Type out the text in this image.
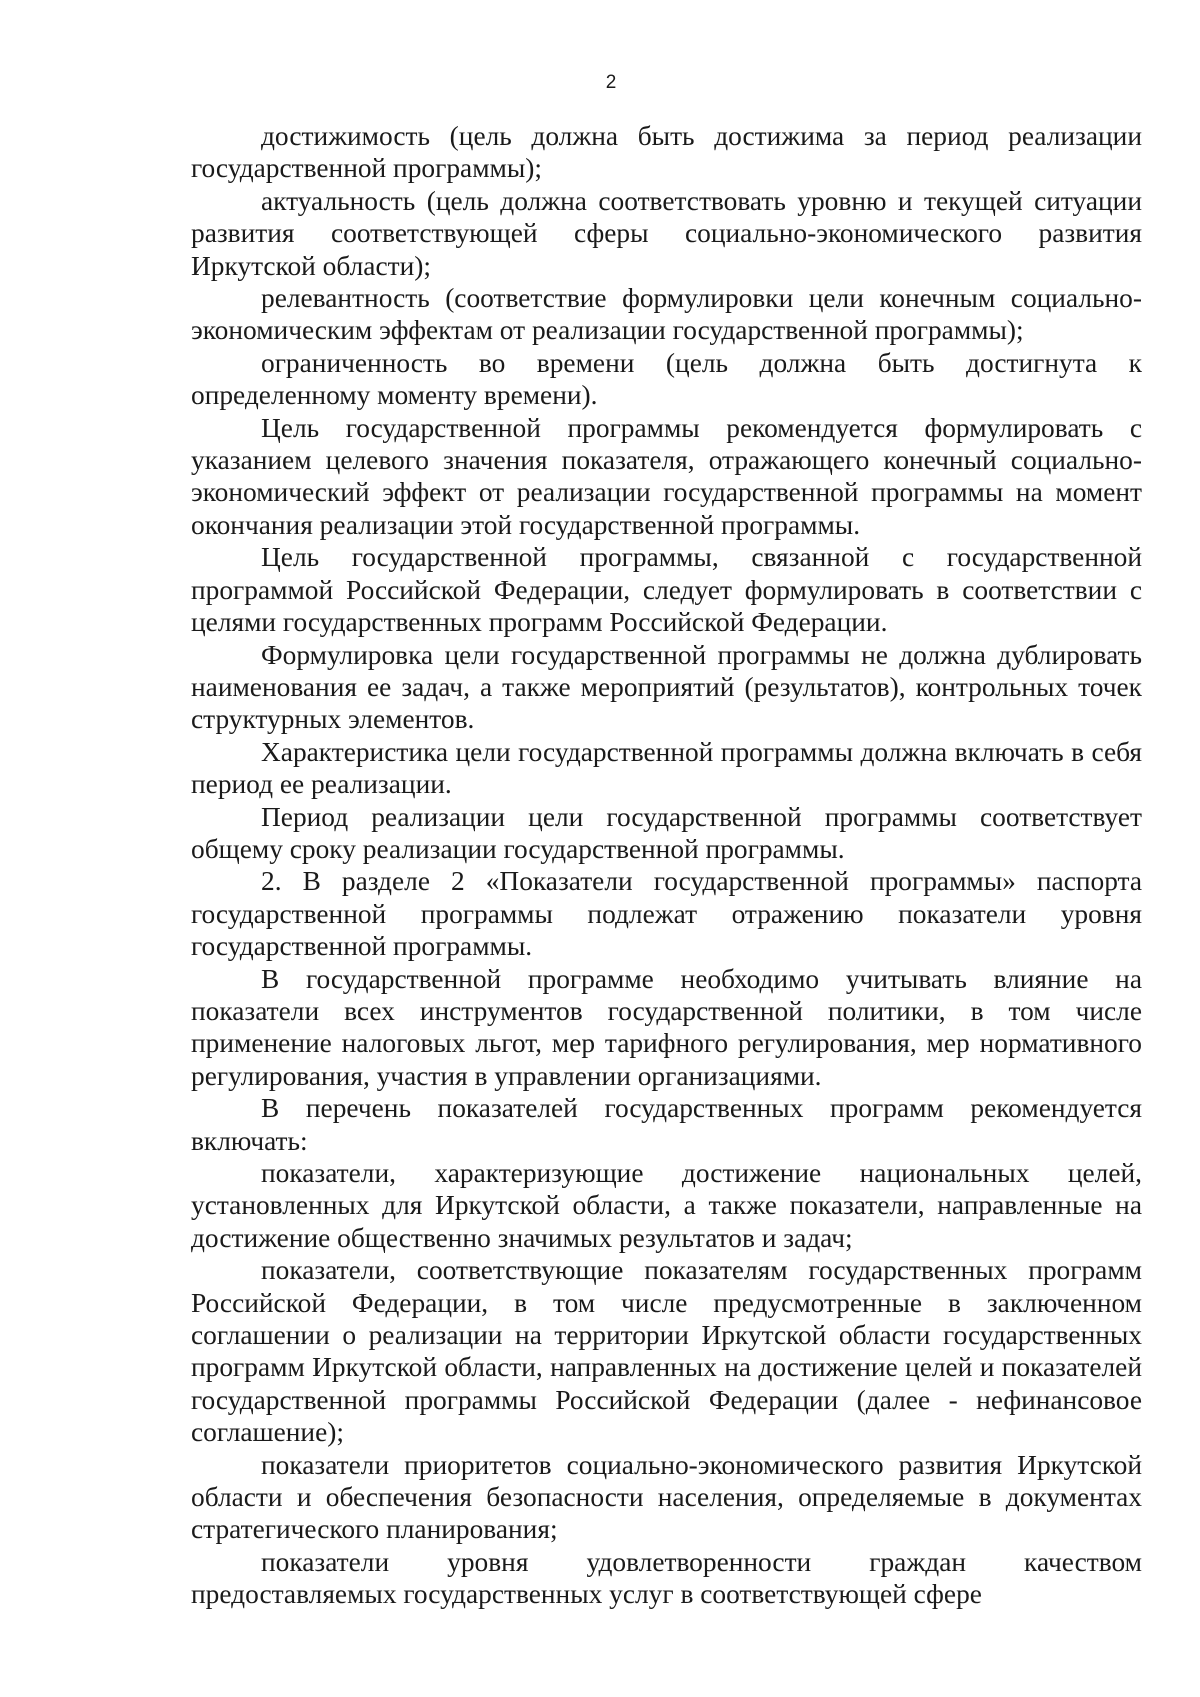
2

достижимость (цель должна быть достижима за период реализации государственной программы);

актуальность (цель должна соответствовать уровню и текущей ситуации развития соответствующей сферы социально-экономического развития Иркутской области);

релевантность (соответствие формулировки цели конечным социально-экономическим эффектам от реализации государственной программы);

ограниченность во времени (цель должна быть достигнута к определенному моменту времени).

Цель государственной программы рекомендуется формулировать с указанием целевого значения показателя, отражающего конечный социально-экономический эффект от реализации государственной программы на момент окончания реализации этой государственной программы.

Цель государственной программы, связанной с государственной программой Российской Федерации, следует формулировать в соответствии с целями государственных программ Российской Федерации.

Формулировка цели государственной программы не должна дублировать наименования ее задач, а также мероприятий (результатов), контрольных точек структурных элементов.

Характеристика цели государственной программы должна включать в себя период ее реализации.

Период реализации цели государственной программы соответствует общему сроку реализации государственной программы.

2. В разделе 2 «Показатели государственной программы» паспорта государственной программы подлежат отражению показатели уровня государственной программы.

В государственной программе необходимо учитывать влияние на показатели всех инструментов государственной политики, в том числе применение налоговых льгот, мер тарифного регулирования, мер нормативного регулирования, участия в управлении организациями.

В перечень показателей государственных программ рекомендуется включать:

показатели, характеризующие достижение национальных целей, установленных для Иркутской области, а также показатели, направленные на достижение общественно значимых результатов и задач;

показатели, соответствующие показателям государственных программ Российской Федерации, в том числе предусмотренные в заключенном соглашении о реализации на территории Иркутской области государственных программ Иркутской области, направленных на достижение целей и показателей государственной программы Российской Федерации (далее - нефинансовое соглашение);

показатели приоритетов социально-экономического развития Иркутской области и обеспечения безопасности населения, определяемые в документах стратегического планирования;

показатели уровня удовлетворенности граждан качеством предоставляемых государственных услуг в соответствующей сфере
